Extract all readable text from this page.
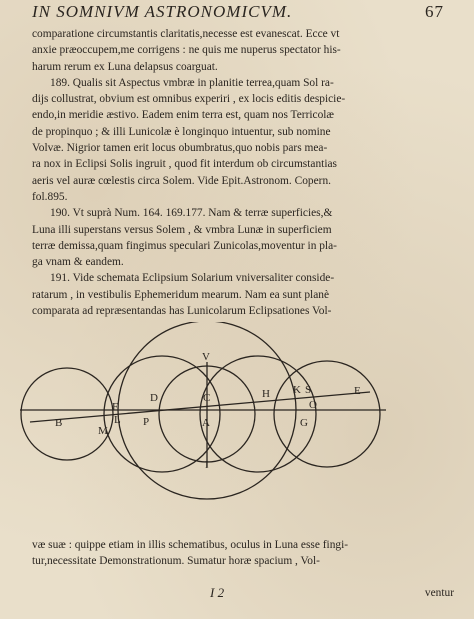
IN SOMNIVM ASTRONOMICVM.	67
comparatione circumstantis claritatis,necesse est evanescat. Ecce vt
anxie præoccupem,me corrigens : ne quis me nuperus spectator his-
harum rerum ex Luna delapsus coarguat.
189. Qualis sit Aspectus vmbræ in planitie terrea,quam Sol ra-
dijs collustrat, obvium est omnibus experiri , ex locis editis despicie-
endo,in meridie æstivo. Eadem enim terra est, quam nos Terricolæ
de propinquo ; & illi Lunicolæ è longinquo intuentur, sub nomine
Volvæ. Nigrior tamen erit locus obumbratus,quo nobis pars mea-
ra nox in Eclipsi Solis ingruit , quod fit interdum ob circumstantias
aeris vel auræ cœlestis circa Solem. Vide Epit.Astronom. Copern.
fol.895.
190. Vt suprà Num. 164. 169.177. Nam & terræ superficies,&
Luna illi superstans versus Solem , & vmbra Lunæ in superficiem
terræ demissa,quam fingimus speculari Zunicolas,moventur in pla-
ga vnam & eandem.
191. Vide schemata Eclipsium Solarium vniversaliter conside-
ratarum , in vestibulis Ephemeridum mearum. Nam ea sunt planè
comparata ad repræsentandas has Lunicolarum Eclipsationes Vol-
V
D	C	H K S	E
F
B
M
L P	A	G
O
I
væ suæ : quippe etiam in illis schematibus, oculus in Luna esse fingi-
tur,necessitate Demonstrationum. Sumatur horæ spacium , Vol-
I 2	ventur
